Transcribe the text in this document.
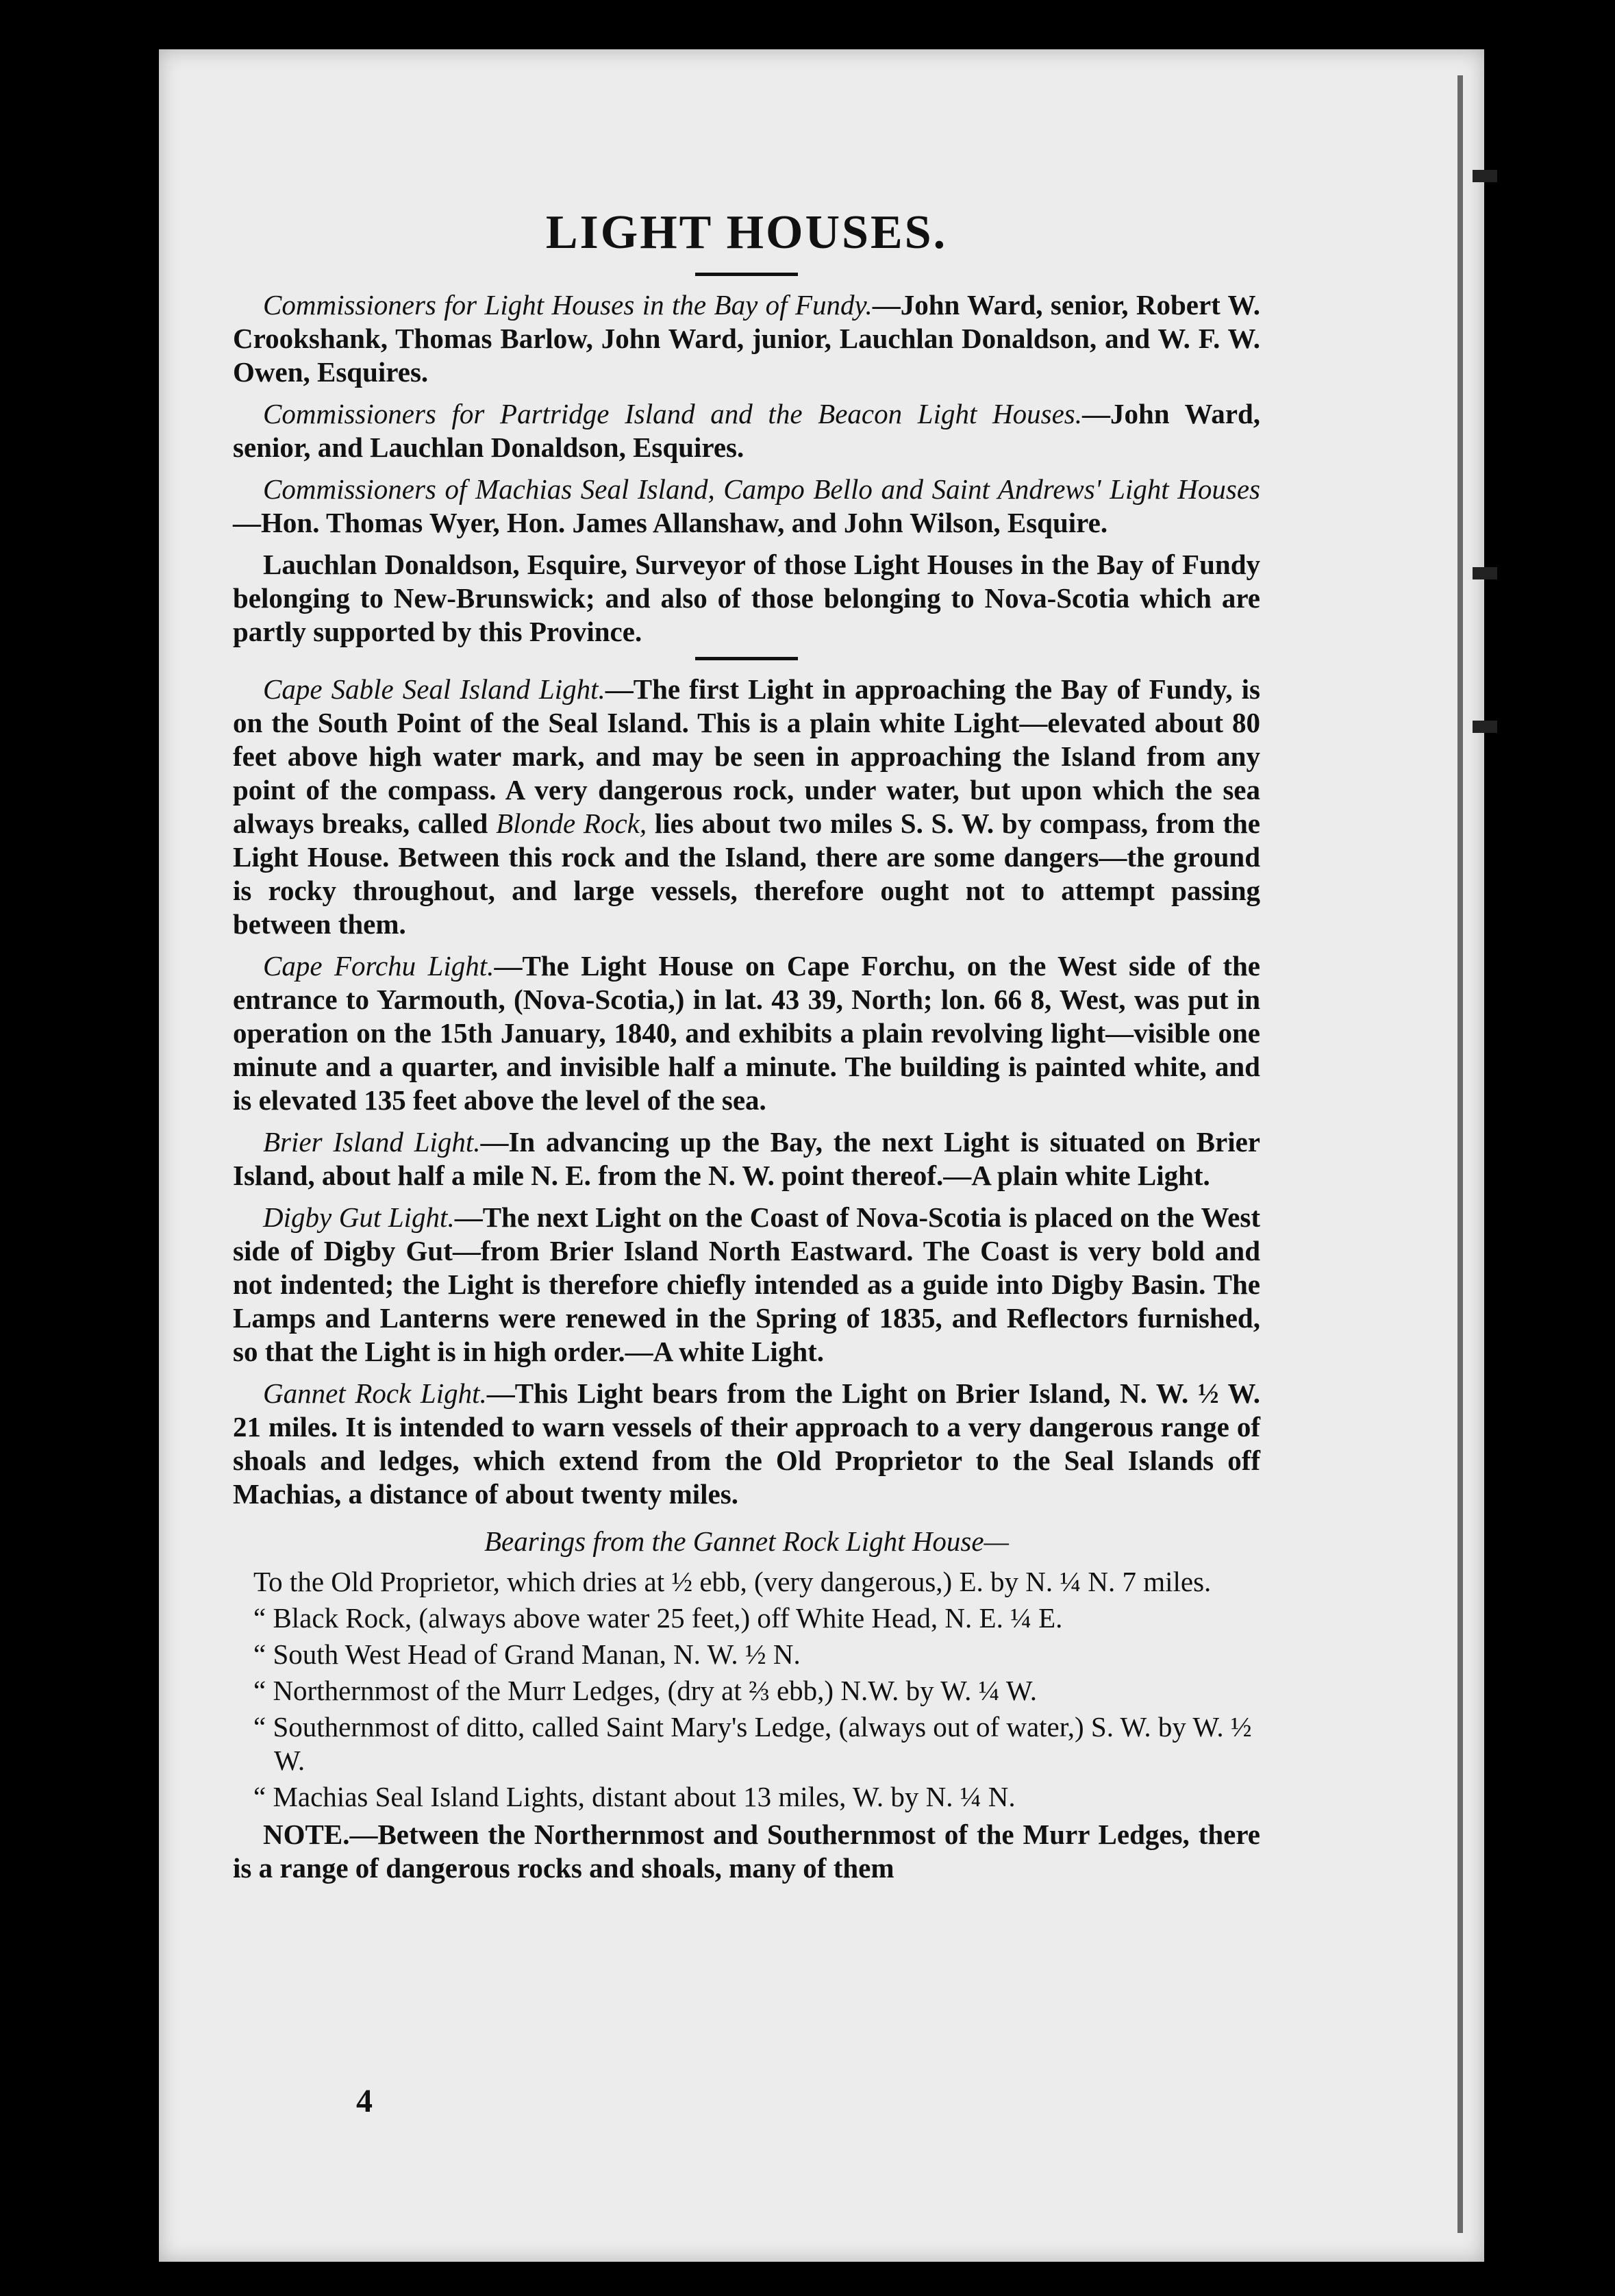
LIGHT HOUSES.

Commissioners for Light Houses in the Bay of Fundy.—John Ward, senior, Robert W. Crookshank, Thomas Barlow, John Ward, junior, Lauchlan Donaldson, and W. F. W. Owen, Esquires.

Commissioners for Partridge Island and the Beacon Light Houses.—John Ward, senior, and Lauchlan Donaldson, Esquires.

Commissioners of Machias Seal Island, Campo Bello and Saint Andrews' Light Houses—Hon. Thomas Wyer, Hon. James Allanshaw, and John Wilson, Esquire.

Lauchlan Donaldson, Esquire, Surveyor of those Light Houses in the Bay of Fundy belonging to New-Brunswick; and also of those belonging to Nova-Scotia which are partly supported by this Province.

Cape Sable Seal Island Light.—The first Light in approaching the Bay of Fundy, is on the South Point of the Seal Island. This is a plain white Light—elevated about 80 feet above high water mark, and may be seen in approaching the Island from any point of the compass. A very dangerous rock, under water, but upon which the sea always breaks, called Blonde Rock, lies about two miles S. S. W. by compass, from the Light House. Between this rock and the Island, there are some dangers—the ground is rocky throughout, and large vessels, therefore ought not to attempt passing between them.

Cape Forchu Light.—The Light House on Cape Forchu, on the West side of the entrance to Yarmouth, (Nova-Scotia,) in lat. 43 39, North; lon. 66 8, West, was put in operation on the 15th January, 1840, and exhibits a plain revolving light—visible one minute and a quarter, and invisible half a minute. The building is painted white, and is elevated 135 feet above the level of the sea.

Brier Island Light.—In advancing up the Bay, the next Light is situated on Brier Island, about half a mile N. E. from the N. W. point thereof.—A plain white Light.

Digby Gut Light.—The next Light on the Coast of Nova-Scotia is placed on the West side of Digby Gut—from Brier Island North Eastward. The Coast is very bold and not indented; the Light is therefore chiefly intended as a guide into Digby Basin. The Lamps and Lanterns were renewed in the Spring of 1835, and Reflectors furnished, so that the Light is in high order.—A white Light.

Gannet Rock Light.—This Light bears from the Light on Brier Island, N. W. ½ W. 21 miles. It is intended to warn vessels of their approach to a very dangerous range of shoals and ledges, which extend from the Old Proprietor to the Seal Islands off Machias, a distance of about twenty miles.

Bearings from the Gannet Rock Light House—
To the Old Proprietor, which dries at ½ ebb, (very dangerous,) E. by N. ¼ N. 7 miles.
“ Black Rock, (always above water 25 feet,) off White Head, N. E. ¼ E.
“ South West Head of Grand Manan, N. W. ½ N.
“ Northernmost of the Murr Ledges, (dry at ⅔ ebb,) N.W. by W. ¼ W.
“ Southernmost of ditto, called Saint Mary's Ledge, (always out of water,) S. W. by W. ½ W.
“ Machias Seal Island Lights, distant about 13 miles, W. by N. ¼ N.

NOTE.—Between the Northernmost and Southernmost of the Murr Ledges, there is a range of dangerous rocks and shoals, many of them

4
